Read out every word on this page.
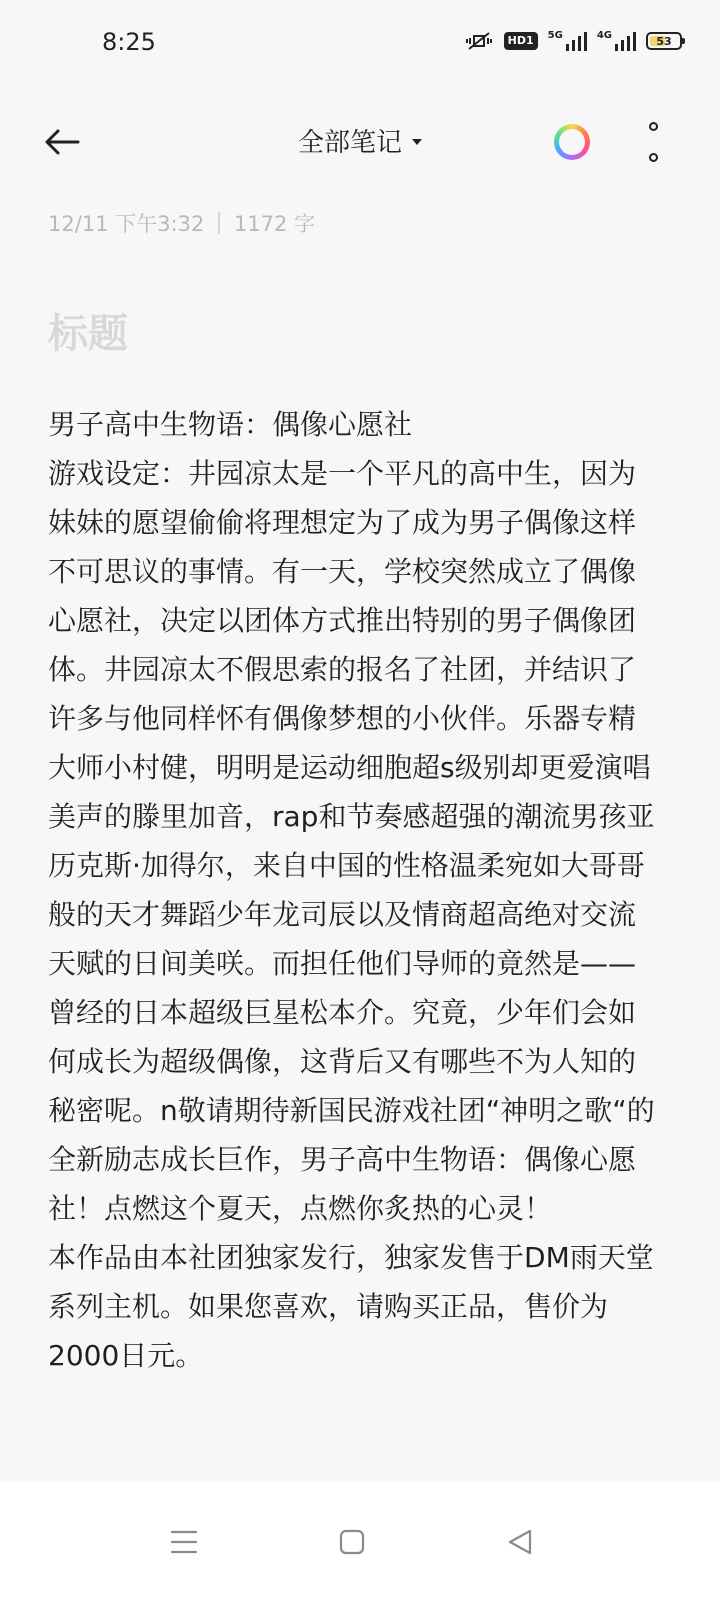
8:25	HD1	5G	4G	53
全部笔记
12/11 下午3:32 1172 字
标题

男子高中生物语：偶像心愿社

游戏设定：井园凉太是一个平凡的高中生，因为妹妹的愿望偷偷将理想定为了成为男子偶像这样不可思议的事情。有一天，学校突然成立了偶像心愿社，决定以团体方式推出特别的男子偶像团体。井园凉太不假思索的报名了社团，并结识了许多与他同样怀有偶像梦想的小伙伴。乐器专精大师小村健，明明是运动细胞超s级别却更爱演唱美声的滕里加音，rap和节奏感超强的潮流男孩亚历克斯·加得尔，来自中国的性格温柔宛如大哥哥般的天才舞蹈少年龙司辰以及情商超高绝对交流天赋的日间美咲。而担任他们导师的竟然是——曾经的日本超级巨星松本介。究竟，少年们会如何成长为超级偶像，这背后又有哪些不为人知的秘密呢。n敬请期待新国民游戏社团“神明之歌“的全新励志成长巨作，男子高中生物语：偶像心愿社！点燃这个夏天，点燃你炙热的心灵！

本作品由本社团独家发行，独家发售于DM雨天堂系列主机。如果您喜欢，请购买正品，售价为2000日元。
